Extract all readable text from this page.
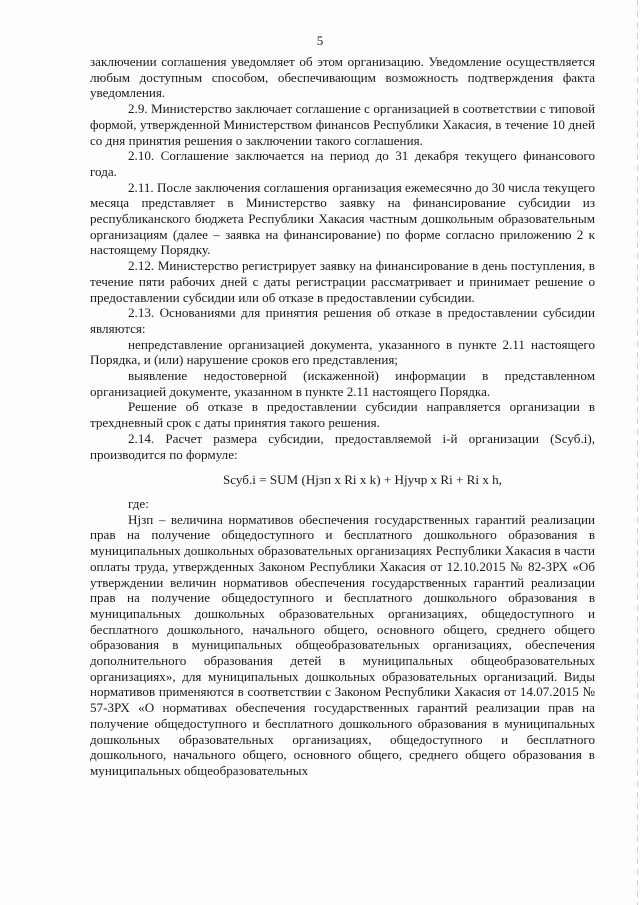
5

заключении соглашения уведомляет об этом организацию. Уведомление осуществляется любым доступным способом, обеспечивающим возможность подтверждения факта уведомления.

2.9. Министерство заключает соглашение с организацией в соответствии с типовой формой, утвержденной Министерством финансов Республики Хакасия, в течение 10 дней со дня принятия решения о заключении такого соглашения.

2.10. Соглашение заключается на период до 31 декабря текущего финансового года.

2.11. После заключения соглашения организация ежемесячно до 30 числа текущего месяца представляет в Министерство заявку на финансирование субсидии из республиканского бюджета Республики Хакасия частным дошкольным образовательным организациям (далее – заявка на финансирование) по форме согласно приложению 2 к настоящему Порядку.

2.12. Министерство регистрирует заявку на финансирование в день поступления, в течение пяти рабочих дней с даты регистрации рассматривает и принимает решение о предоставлении субсидии или об отказе в предоставлении субсидии.

2.13. Основаниями для принятия решения об отказе в предоставлении субсидии являются:

непредставление организацией документа, указанного в пункте 2.11 настоящего Порядка, и (или) нарушение сроков его представления;

выявление недостоверной (искаженной) информации в представленном организацией документе, указанном в пункте 2.11 настоящего Порядка.

Решение об отказе в предоставлении субсидии направляется организации в трехдневный срок с даты принятия такого решения.

2.14. Расчет размера субсидии, предоставляемой i-й организации (Sсуб.i), производится по формуле:

Sсуб.i = SUM (Hjзп x Ri x k) + Hjучр x Ri + Ri x h,

где:

Hjзп – величина нормативов обеспечения государственных гарантий реализации прав на получение общедоступного и бесплатного дошкольного образования в муниципальных дошкольных образовательных организациях Республики Хакасия в части оплаты труда, утвержденных Законом Республики Хакасия от 12.10.2015 № 82-ЗРХ «Об утверждении величин нормативов обеспечения государственных гарантий реализации прав на получение общедоступного и бесплатного дошкольного образования в муниципальных дошкольных образовательных организациях, общедоступного и бесплатного дошкольного, начального общего, основного общего, среднего общего образования в муниципальных общеобразовательных организациях, обеспечения дополнительного образования детей в муниципальных общеобразовательных организациях», для муниципальных дошкольных образовательных организаций. Виды нормативов применяются в соответствии с Законом Республики Хакасия от 14.07.2015 № 57-ЗРХ «О нормативах обеспечения государственных гарантий реализации прав на получение общедоступного и бесплатного дошкольного образования в муниципальных дошкольных образовательных организациях, общедоступного и бесплатного дошкольного, начального общего, основного общего, среднего общего образования в муниципальных общеобразовательных
